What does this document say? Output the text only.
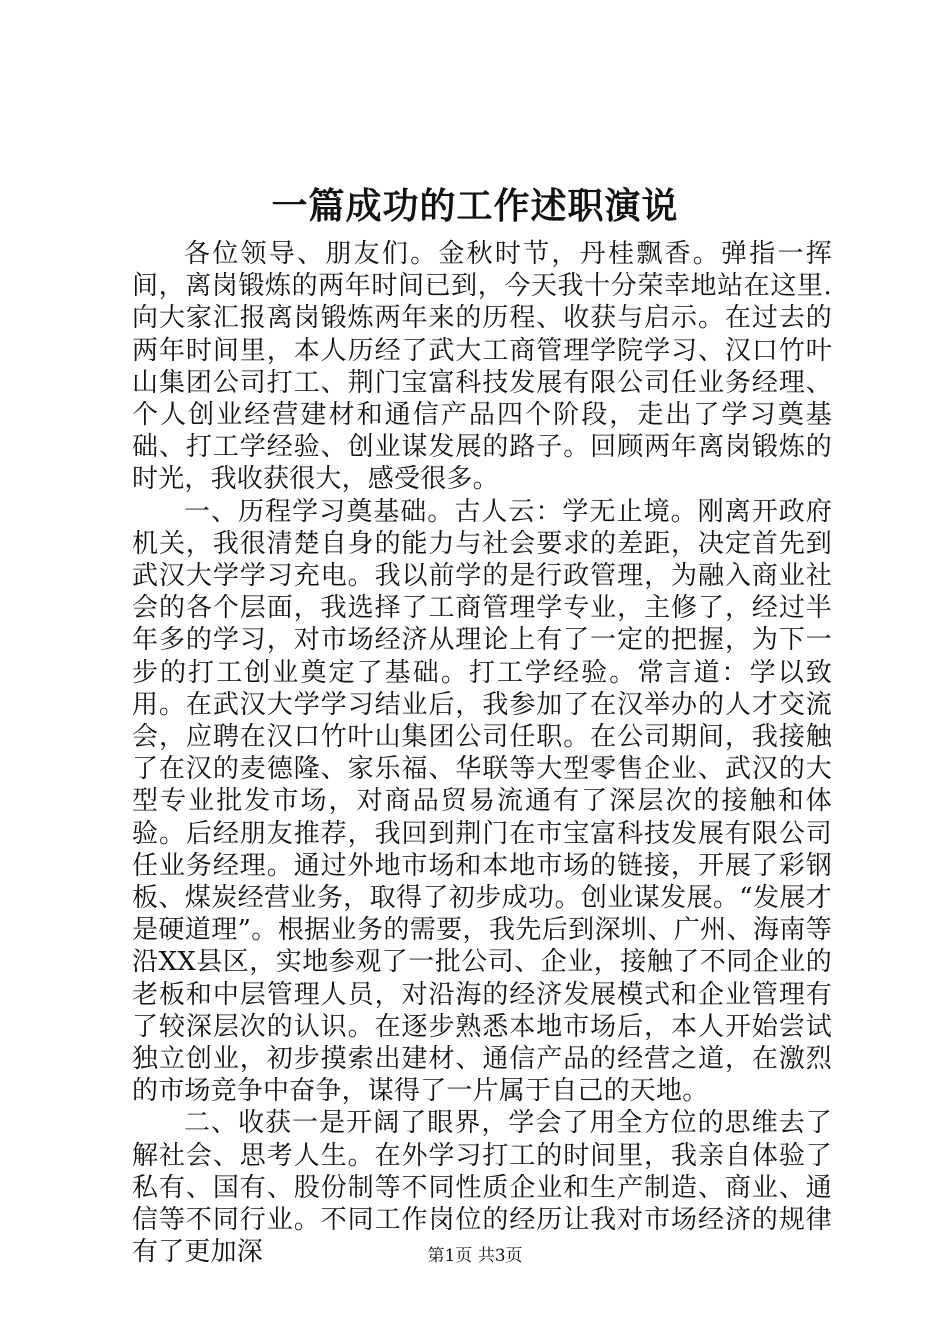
一篇成功的工作述职演说

各位领导、朋友们。金秋时节，丹桂飘香。弹指一挥间，离岗锻炼的两年时间已到，今天我十分荣幸地站在这里.向大家汇报离岗锻炼两年来的历程、收获与启示。在过去的两年时间里，本人历经了武大工商管理学院学习、汉口竹叶山集团公司打工、荆门宝富科技发展有限公司任业务经理、个人创业经营建材和通信产品四个阶段，走出了学习奠基础、打工学经验、创业谋发展的路子。回顾两年离岗锻炼的时光，我收获很大，感受很多。

一、历程学习奠基础。古人云：学无止境。刚离开政府机关，我很清楚自身的能力与社会要求的差距，决定首先到武汉大学学习充电。我以前学的是行政管理，为融入商业社会的各个层面，我选择了工商管理学专业，主修了，经过半年多的学习，对市场经济从理论上有了一定的把握，为下一步的打工创业奠定了基础。打工学经验。常言道：学以致用。在武汉大学学习结业后，我参加了在汉举办的人才交流会，应聘在汉口竹叶山集团公司任职。在公司期间，我接触了在汉的麦德隆、家乐福、华联等大型零售企业、武汉的大型专业批发市场，对商品贸易流通有了深层次的接触和体验。后经朋友推荐，我回到荆门在市宝富科技发展有限公司任业务经理。通过外地市场和本地市场的链接，开展了彩钢板、煤炭经营业务，取得了初步成功。创业谋发展。“发展才是硬道理”。根据业务的需要，我先后到深圳、广州、海南等沿XX县区，实地参观了一批公司、企业，接触了不同企业的老板和中层管理人员，对沿海的经济发展模式和企业管理有了较深层次的认识。在逐步熟悉本地市场后，本人开始尝试独立创业，初步摸索出建材、通信产品的经营之道，在激烈的市场竞争中奋争，谋得了一片属于自己的天地。

二、收获一是开阔了眼界，学会了用全方位的思维去了解社会、思考人生。在外学习打工的时间里，我亲自体验了私有、国有、股份制等不同性质企业和生产制造、商业、通信等不同行业。不同工作岗位的经历让我对市场经济的规律有了更加深	第1页 共3页
